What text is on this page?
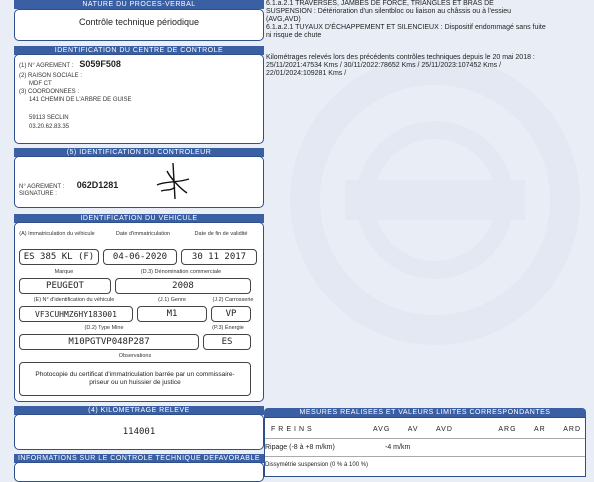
NATURE DU PROCES-VERBAL
Contrôle technique périodique
IDENTIFICATION DU CENTRE DE CONTROLE
(1) N° AGREMENT : S059F508
(2) RAISON SOCIALE :
MDF CT
(3) COORDONNEES :
141 CHEMIN DE L'ARBRE DE GUISE
59113 SECLIN
03.20.62.83.35
(5) IDENTIFICATION DU CONTROLEUR
N° AGREMENT : 062D1281
SIGNATURE :
IDENTIFICATION DU VEHICULE
(A) Immatriculation du véhicule	Date d'immatriculation	Date de fin de validité
ES 385 KL (F)	04-06-2020	30 11 2017
Marque	(D.3) Dénomination commerciale
PEUGEOT	2008
(E) N° d'identification du véhicule	(J.1) Genre	(J.2) Carrosserie
VF3CUHMZ6HY183001	M1	VP
(D.2) Type Mine	(P.3) Énergie
M10PGTVP048P287	ES
Observations
Photocopie du certificat d'immatriculation barrée par un commissaire-priseur ou un huissier de justice
(4) KILOMETRAGE RELEVE
114001
INFORMATIONS SUR LE CONTROLE TECHNIQUE DEFAVORABLE
6.1.a.2.1 TRAVERSES, JAMBES DE FORCE, TRIANGLES ET BRAS DE
SUSPENSION : Détérioration d'un silentbloc ou liaison au châssis ou à l'essieu
(AVG,AVD)
6.1.a.2.1 TUYAUX D'ÉCHAPPEMENT ET SILENCIEUX : Dispositif endommagé sans fuite
ni risque de chute
Kilométrages relevés lors des précédents contrôles techniques depuis le 20 mai 2018 :
25/11/2021:47534 Kms / 30/11/2022:78652 Kms / 25/11/2023:107452 Kms /
22/01/2024:109281 Kms /
MESURES REALISEES ET VALEURS LIMITES CORRESPONDANTES
FREINS	AVG AV AVD	ARG AR ARD
Ripage (-8 à +8 m/km)	-4 m/km
Dissymétrie suspension (0 % à 100 %)
